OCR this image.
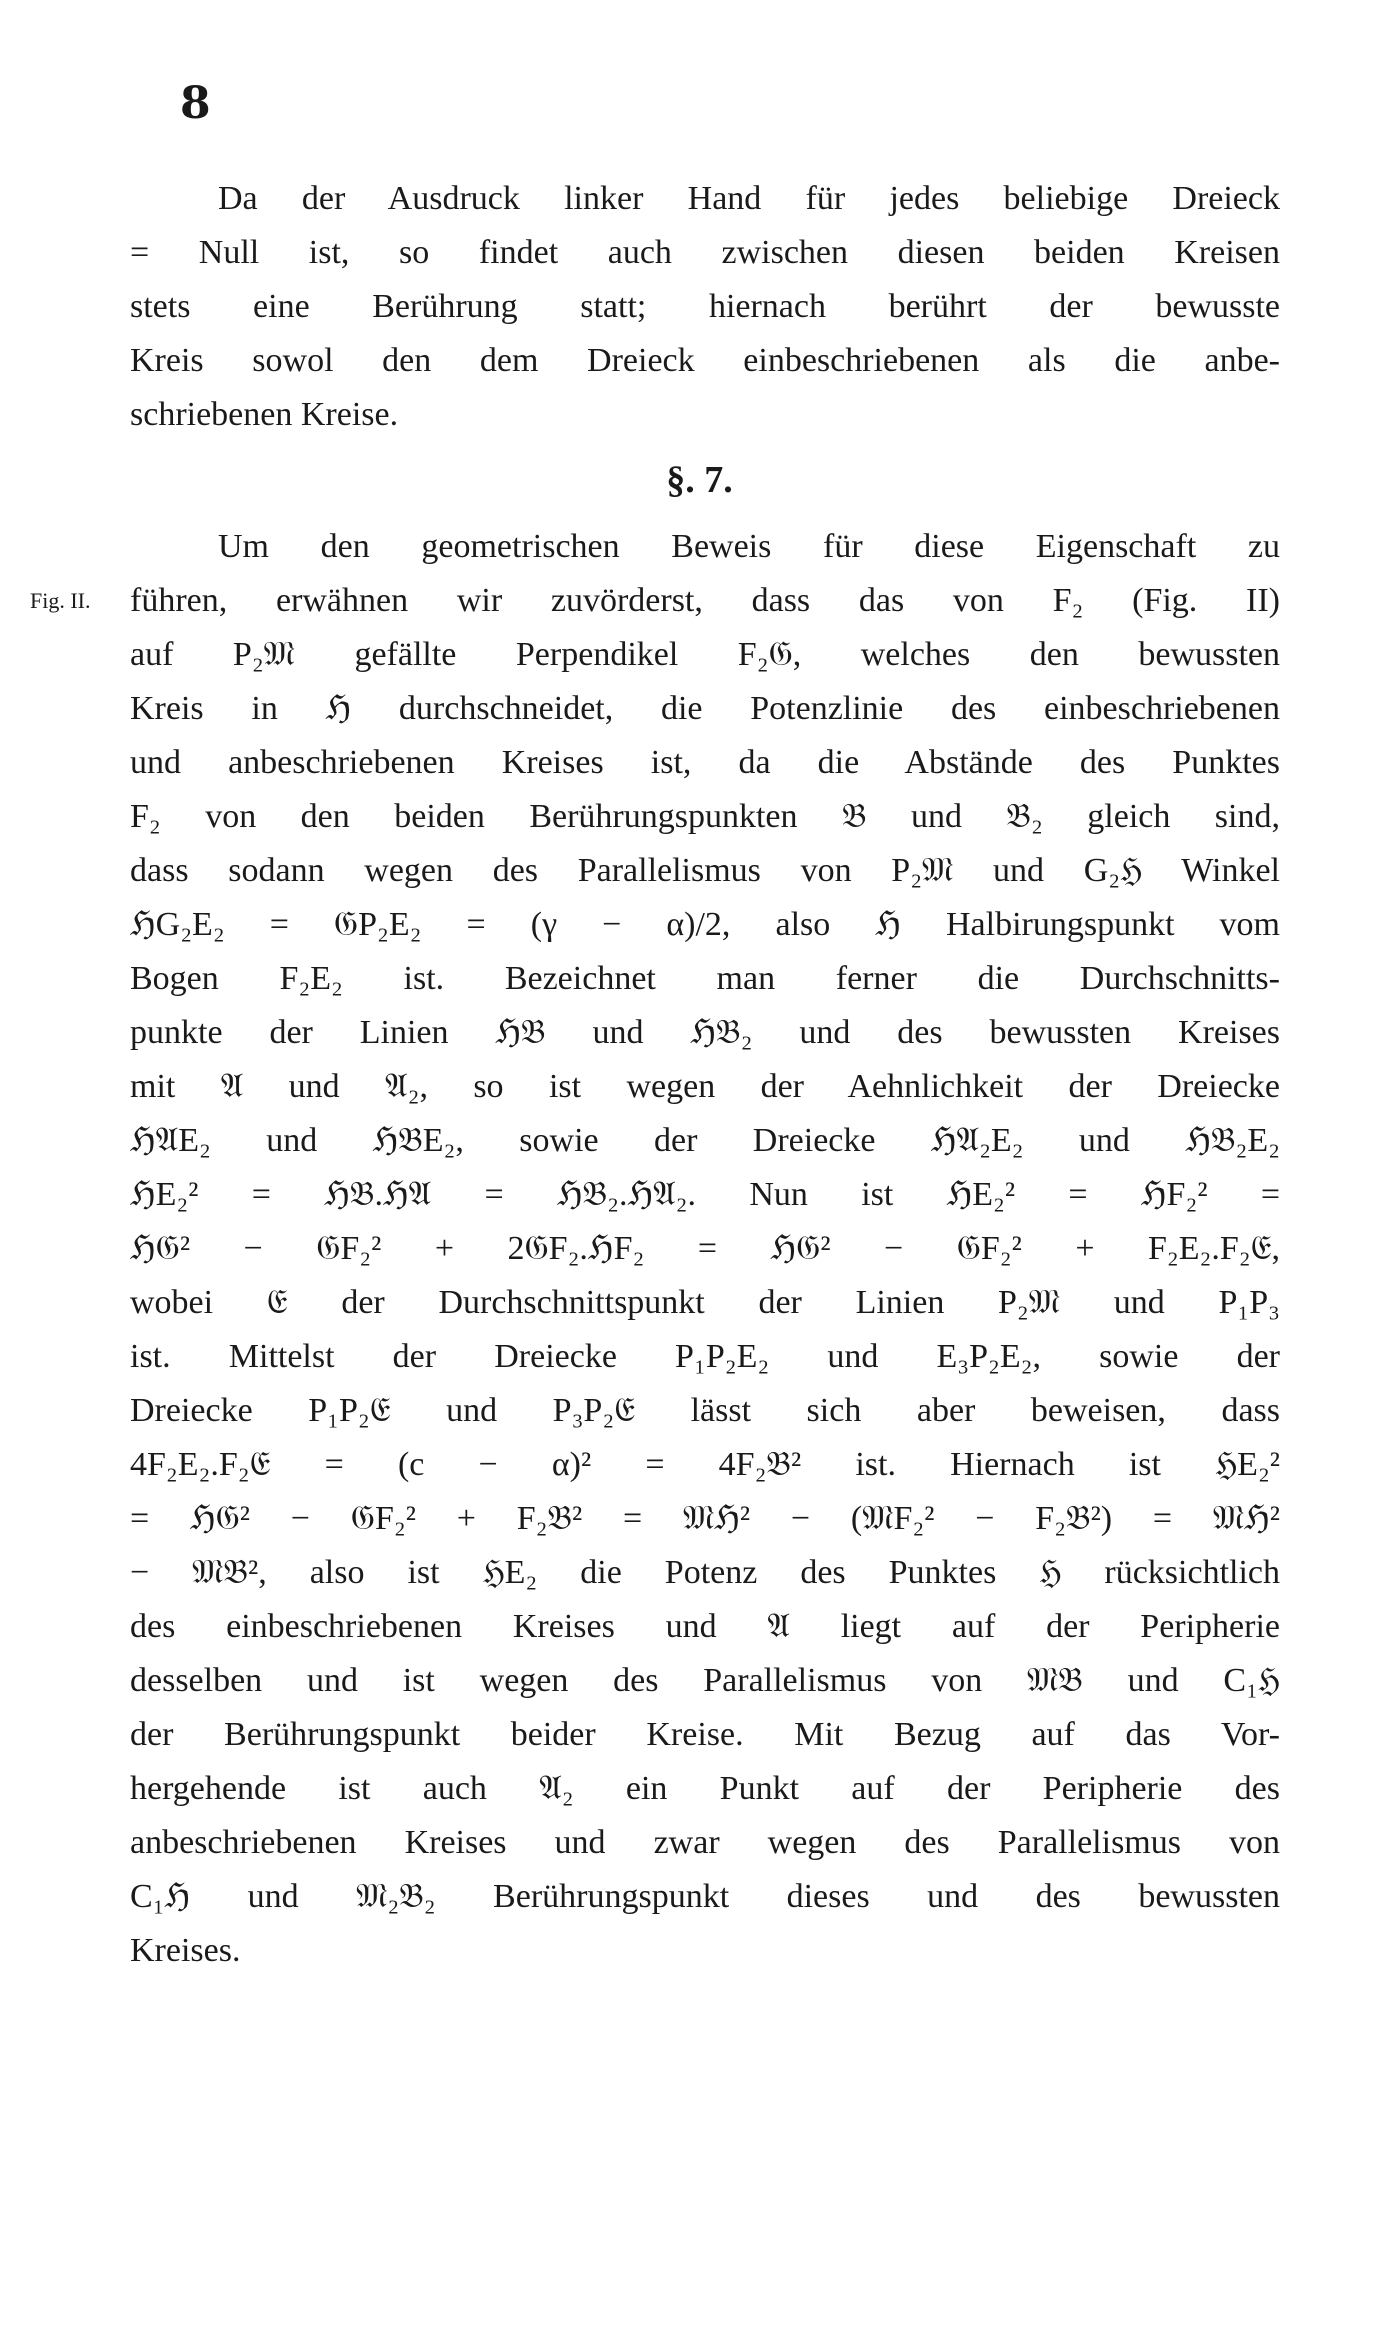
8
Da der Ausdruck linker Hand für jedes beliebige Dreieck
= Null ist, so findet auch zwischen diesen beiden Kreisen
stets eine Berührung statt; hiernach berührt der bewusste
Kreis sowol den dem Dreieck einbeschriebenen als die anbe-
schriebenen Kreise.
§. 7.
Fig. II.
Um den geometrischen Beweis für diese Eigenschaft zu
führen, erwähnen wir zuvörderst, dass das von F₂ (Fig. II)
auf P₂𝔐 gefällte Perpendikel F₂𝔊, welches den bewussten
Kreis in ℌ durchschneidet, die Potenzlinie des einbeschriebenen
und anbeschriebenen Kreises ist, da die Abstände des Punktes
F₂ von den beiden Berührungspunkten 𝔅 und 𝔅₂ gleich sind,
dass sodann wegen des Parallelismus von P₂𝔐 und G₂ℌ Winkel
ℌG₂E₂ = 𝔊P₂E₂ = (γ − α)/2, also ℌ Halbirungspunkt vom
Bogen F₂E₂ ist. Bezeichnet man ferner die Durchschnitts-
punkte der Linien ℌ𝔅 und ℌ𝔅₂ und des bewussten Kreises
mit 𝔄 und 𝔄₂, so ist wegen der Aehnlichkeit der Dreiecke
ℌ𝔄E₂ und ℌ𝔅E₂, sowie der Dreiecke ℌ𝔄₂E₂ und ℌ𝔅₂E₂
ℌE₂² = ℌ𝔅.ℌ𝔄 = ℌ𝔅₂.ℌ𝔄₂. Nun ist ℌE₂² = ℌF₂² =
ℌ𝔊² − 𝔊F₂² + 2𝔊F₂.ℌF₂ = ℌ𝔊² − 𝔊F₂² + F₂E₂.F₂𝔈,
wobei 𝔈 der Durchschnittspunkt der Linien P₂𝔐 und P₁P₃
ist. Mittelst der Dreiecke P₁P₂E₂ und E₃P₂E₂, sowie der
Dreiecke P₁P₂𝔈 und P₃P₂𝔈 lässt sich aber beweisen, dass
4F₂E₂.F₂𝔈 = (c − α)² = 4F₂𝔅² ist. Hiernach ist ℌE₂²
= ℌ𝔊² − 𝔊F₂² + F₂𝔅² = 𝔐ℌ² − (𝔐F₂² − F₂𝔅²) = 𝔐ℌ²
− 𝔐𝔅², also ist ℌE₂ die Potenz des Punktes ℌ rücksichtlich
des einbeschriebenen Kreises und 𝔄 liegt auf der Peripherie
desselben und ist wegen des Parallelismus von 𝔐𝔅 und C₁ℌ
der Berührungspunkt beider Kreise. Mit Bezug auf das Vor-
hergehende ist auch 𝔄₂ ein Punkt auf der Peripherie des
anbeschriebenen Kreises und zwar wegen des Parallelismus von
C₁ℌ und 𝔐₂𝔅₂ Berührungspunkt dieses und des bewussten
Kreises.
